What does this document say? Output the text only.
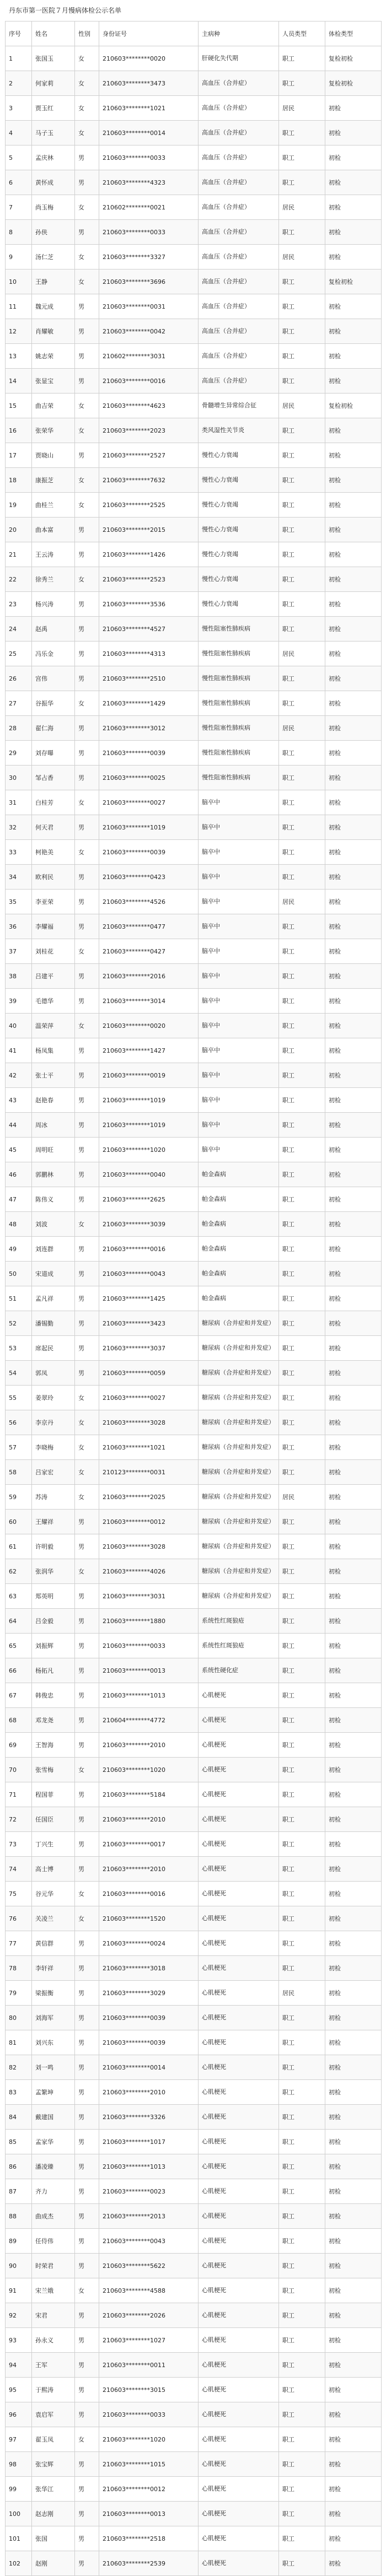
丹东市第一医院７月慢病体检公示名单
序号	姓名	性别	身份证号	主病种	人员类型	体检类型
1	张国玉	女	210603********0020	肝硬化失代期	职工	复检初检
2	何家莉	女	210603********3473	高血压（合并症）	职工	复检初检
3	贾玉红	女	210603********1021	高血压（合并症）	居民	初检
4	马子玉	女	210603********0014	高血压（合并症）	职工	初检
5	孟庆林	男	210603********0033	高血压（合并症）	职工	初检
6	黄怀成	男	210603********4323	高血压（合并症）	职工	初检
7	尚玉梅	女	210602********0021	高血压（合并症）	居民	初检
8	孙侠	男	210603********0033	高血压（合并症）	职工	初检
9	汤仁芝	女	210603********3327	高血压（合并症）	居民	初检
10	王静	女	210603********3696	高血压（合并症）	职工	复检初检
11	魏元成	男	210603********0031	高血压（合并症）	职工	初检
12	肖耀敏	男	210603********0042	高血压（合并症）	职工	初检
13	姚志荣	男	210602********3031	高血压（合并症）	职工	初检
14	张显宝	男	210603********0016	高血压（合并症）	职工	初检
15	曲吉荣	女	210603********4623	骨髓增生异常综合征	居民	复检初检
16	张荣华	女	210603********2023	类风湿性关节炎	职工	初检
17	贾晓山	男	210603********2527	慢性心力衰竭	职工	初检
18	康振芝	女	210603********7632	慢性心力衰竭	职工	初检
19	曲桂兰	女	210603********2525	慢性心力衰竭	职工	初检
20	曲本富	男	210603********2015	慢性心力衰竭	职工	初检
21	王云涛	男	210603********1426	慢性心力衰竭	职工	初检
22	徐秀兰	女	210603********2523	慢性心力衰竭	职工	初检
23	杨兴涛	男	210603********3536	慢性心力衰竭	职工	初检
24	赵禹	男	210603********4527	慢性阻塞性肺疾病	职工	初检
25	冯乐金	男	210603********4313	慢性阻塞性肺疾病	居民	初检
26	宫伟	男	210603********2510	慢性阻塞性肺疾病	职工	初检
27	谷振华	女	210603********1429	慢性阻塞性肺疾病	职工	初检
28	翟仁海	男	210603********3012	慢性阻塞性肺疾病	居民	初检
29	刘存曝	男	210603********0039	慢性阻塞性肺疾病	职工	初检
30	邹占香	男	210603********0025	慢性阻塞性肺疾病	职工	初检
31	白桂芳	女	210603********0027	脑卒中	职工	初检
32	何天君	男	210603********1019	脑卒中	职工	初检
33	柯艳美	女	210603********0039	脑卒中	职工	初检
34	欧利民	男	210603********0423	脑卒中	职工	初检
35	李亚荣	男	210603********4526	脑卒中	居民	初检
36	李耀福	男	210603********0477	脑卒中	职工	初检
37	刘桂花	女	210603********0427	脑卒中	职工	初检
38	吕建平	男	210603********2016	脑卒中	职工	初检
39	毛德华	男	210603********3014	脑卒中	职工	初检
40	温荣萍	女	210603********0020	脑卒中	职工	初检
41	杨凤集	男	210603********1427	脑卒中	职工	初检
42	张士平	男	210603********0019	脑卒中	职工	初检
43	赵艳春	男	210603********1019	脑卒中	职工	初检
44	周冰	男	210603********1019	脑卒中	职工	初检
45	周明旺	男	210603********1020	脑卒中	职工	初检
46	郭鹏林	男	210603********0040	帕金森病	职工	初检
47	陈伟义	男	210603********2625	帕金森病	职工	初检
48	刘波	女	210603********3039	帕金森病	职工	初检
49	刘连群	男	210603********0016	帕金森病	职工	初检
50	宋道成	男	210603********0043	帕金森病	职工	初检
51	孟凡祥	男	210603********1425	帕金森病	职工	初检
52	潘锡勤	男	210603********3423	糖尿病（合并症和并发症）	职工	初检
53	席起民	男	210603********3037	糖尿病（合并症和并发症）	职工	初检
54	郭凤	男	210603********0059	糖尿病（合并症和并发症）	职工	初检
55	姜翠玲	女	210603********0027	糖尿病（合并症和并发症）	职工	初检
56	李京丹	女	210603********3028	糖尿病（合并症和并发症）	职工	初检
57	李晓梅	女	210603********1021	糖尿病（合并症和并发症）	职工	初检
58	吕家宏	女	210123********0031	糖尿病（合并症和并发症）	职工	初检
59	苏涛	女	210603********2025	糖尿病（合并症和并发症）	居民	初检
60	王耀祥	男	210603********0012	糖尿病（合并症和并发症）	职工	初检
61	许明毅	男	210603********3028	糖尿病（合并症和并发症）	职工	初检
62	张润华	女	210603********4026	糖尿病（合并症和并发症）	职工	初检
63	郑英明	男	210603********3031	糖尿病（合并症和并发症）	职工	初检
64	吕金毅	男	210603********1880	系统性红斑狼疮	职工	初检
65	刘振辉	男	210603********0033	系统性红斑狼疮	职工	初检
66	杨拓凡	男	210603********0013	系统性硬化症	职工	初检
67	韩俊忠	男	210603********1013	心肌梗死	职工	初检
68	邓龙尧	男	210604********4772	心肌梗死	职工	初检
69	王智海	男	210603********2010	心肌梗死	职工	初检
70	张雪梅	女	210603********1020	心肌梗死	职工	初检
71	程国菲	男	210603********5184	心肌梗死	职工	初检
72	任国臣	男	210603********2010	心肌梗死	职工	初检
73	丁兴生	男	210603********0017	心肌梗死	职工	初检
74	高士博	男	210603********2010	心肌梗死	职工	初检
75	谷元华	女	210603********0016	心肌梗死	职工	初检
76	关凌兰	女	210603********1520	心肌梗死	职工	初检
77	黄信群	男	210603********0024	心肌梗死	职工	初检
78	李轩祥	男	210603********3018	心肌梗死	职工	初检
79	梁振衡	男	210603********3029	心肌梗死	居民	初检
80	刘海军	男	210603********0039	心肌梗死	职工	初检
81	刘兴东	男	210603********0039	心肌梗死	职工	初检
82	刘一鸣	男	210603********0014	心肌梗死	职工	初检
83	孟繁坤	男	210603********2010	心肌梗死	职工	初检
84	戴建国	男	210603********3326	心肌梗死	职工	初检
85	孟家华	男	210603********1017	心肌梗死	职工	初检
86	潘凌臻	男	210603********1013	心肌梗死	职工	初检
87	齐力	男	210603********0023	心肌梗死	职工	初检
88	曲成杰	男	210603********2013	心肌梗死	职工	初检
89	任侍伟	男	210603********0043	心肌梗死	职工	初检
90	时荣君	男	210603********5622	心肌梗死	职工	初检
91	宋兰娥	女	210603********4588	心肌梗死	职工	初检
92	宋君	男	210603********2026	心肌梗死	职工	初检
93	孙永义	男	210603********1027	心肌梗死	职工	初检
94	王军	男	210603********0011	心肌梗死	职工	初检
95	于熙涛	男	210603********3015	心肌梗死	职工	初检
96	袁启军	男	210603********0033	心肌梗死	职工	初检
97	翟玉凤	女	210603********1020	心肌梗死	职工	初检
98	张宝辉	男	210603********1015	心肌梗死	职工	初检
99	张华江	男	210603********0012	心肌梗死	职工	初检
100	赵志刚	男	210603********0013	心肌梗死	职工	初检
101	张国	男	210603********2518	心肌梗死	职工	初检
102	赵刚	男	210603********2539	心肌梗死	职工	初检
